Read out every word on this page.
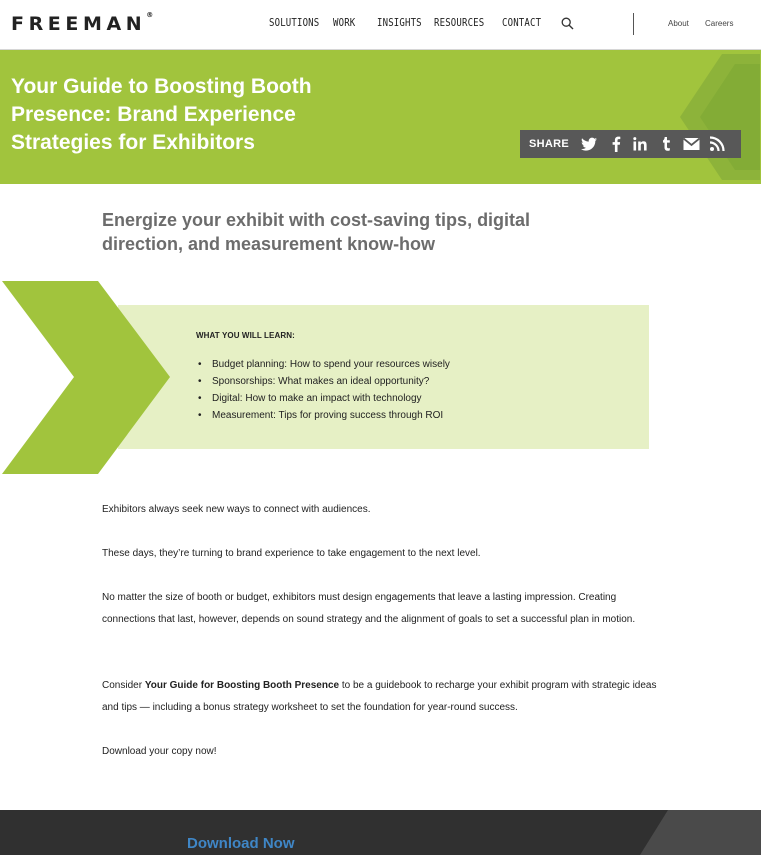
FREEMAN®
SOLUTIONS WORK INSIGHTS RESOURCES CONTACT	About Careers
Your Guide to Boosting Booth Presence: Brand Experience Strategies for Exhibitors	SHARE
Energize your exhibit with cost-saving tips, digital direction, and measurement know-how
WHAT YOU WILL LEARN:
• Budget planning: How to spend your resources wisely
• Sponsorships: What makes an ideal opportunity?
• Digital: How to make an impact with technology
• Measurement: Tips for proving success through ROI
Exhibitors always seek new ways to connect with audiences.
These days, they’re turning to brand experience to take engagement to the next level.
No matter the size of booth or budget, exhibitors must design engagements that leave a lasting impression. Creating connections that last, however, depends on sound strategy and the alignment of goals to set a successful plan in motion.
Consider Your Guide for Boosting Booth Presence to be a guidebook to recharge your exhibit program with strategic ideas and tips — including a bonus strategy worksheet to set the foundation for year-round success.
Download your copy now!
Download Now
